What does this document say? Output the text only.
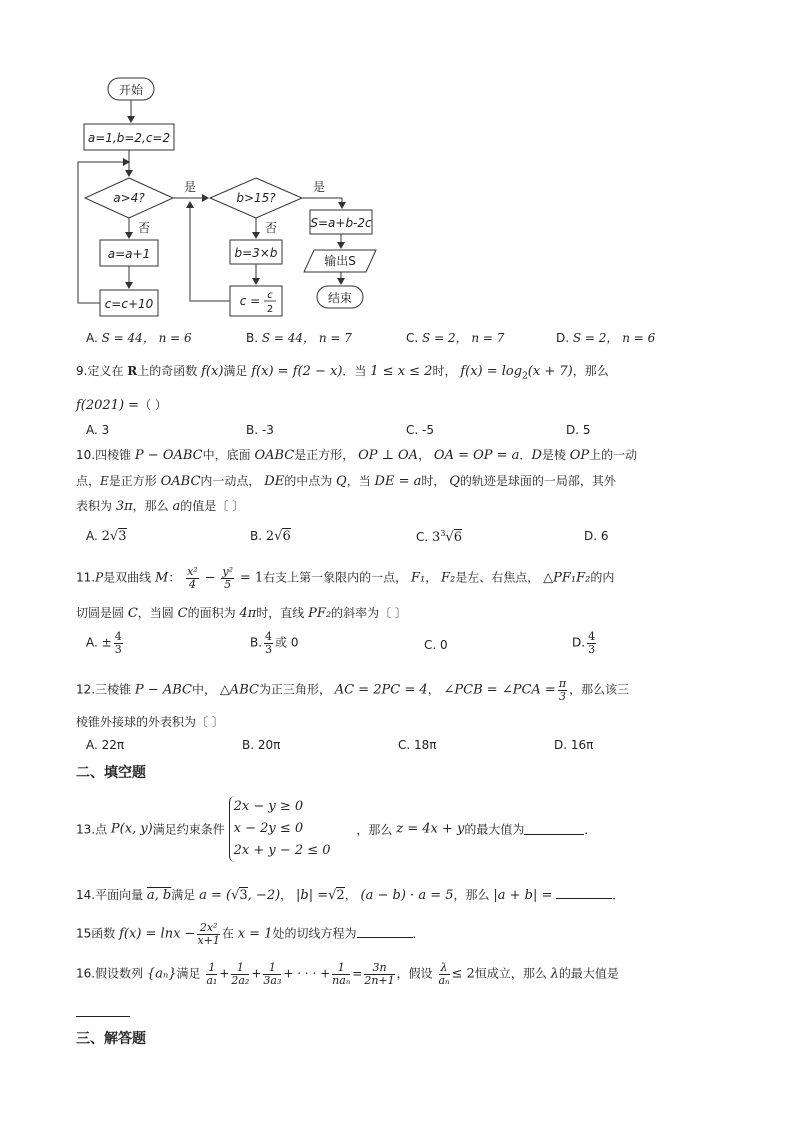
开始
a=1,b=2,c=2
a>4?
是
否
a=a+1
c=c+10
b>15?
是
否
b=3×b
c = c
2
S=a+b-2c
输出S
结束
A. S = 44， n = 6	B. S = 44， n = 7	C. S = 2， n = 7	D. S = 2， n = 6
9.定义在 R上的奇函数 f(x)满足 f(x) = f(2 − x)．当 1 ≤ x ≤ 2时， $f(x) = \log_2(x + 7)$，那么
f(2021) =（ ）
A. 3	B. -3	C. -5	D. 5
10.四棱锥 P − OABC中，底面 OABC是正方形， OP ⊥ OA， OA = OP = a．D是棱 OP上的一动
点，E是正方形 OABC内一动点， DE的中点为 Q，当 DE = a时， Q的轨迹是球面的一局部，其外
表积为 3π，那么 a的值是〔 〕
A. 2√3	B. 2√6	C. $3^3√6$	D. 6
11.P是双曲线 M： $\frac{\text{x²}}{4} - \frac{\text{y²}}{5} = 1$右支上第一象限内的一点， F₁， F₂是左、右焦点， △PF₁F₂的内
切圆是圆 C，当圆 C的面积为 4π时，直线 PF₂的斜率为〔 〕
A. ± $\frac{4}{3}$	B. $\frac{4}{3}$ 或 0	C. 0	D. $\frac{4}{3}$
12.三棱锥 P − ABC中， △ABC为正三角形， AC = 2PC = 4， ∠PCB = ∠PCA = $\frac{\pi}{3}$ ，那么该三
棱锥外接球的外表积为〔 〕
A. 22π	B. 20π	C. 18π	D. 16π
二、填空题
13.点 P(x, y)满足约束条件
2x − y ≥ 0
x − 2y ≤ 0
2x + y − 2 ≤ 0
，那么 z = 4x + y的最大值为	．
14.平面向量 a, b满足 a = (√3, −2)， |b| =√2， (a − b) · a = 5，那么 |a + b| =	．
15函数 $f(x) = \ln x - \frac{\text{2x²}}{x+1}$ 在 x = 1处的切线方程为	．
16.假设数列 {aₙ}满足 $\frac{1}{\text{a₁}} + \frac{1}{\text{2a₂}} + \frac{1}{\text{3a₃}}$ + · · · + $\frac{1}{\text{naₙ}} = \frac{3n}{2n+1}$ ，假设 $\frac{\lambda}{\text{aₙ}} \le 2$恒成立，那么 λ的最大值是
三、解答题
